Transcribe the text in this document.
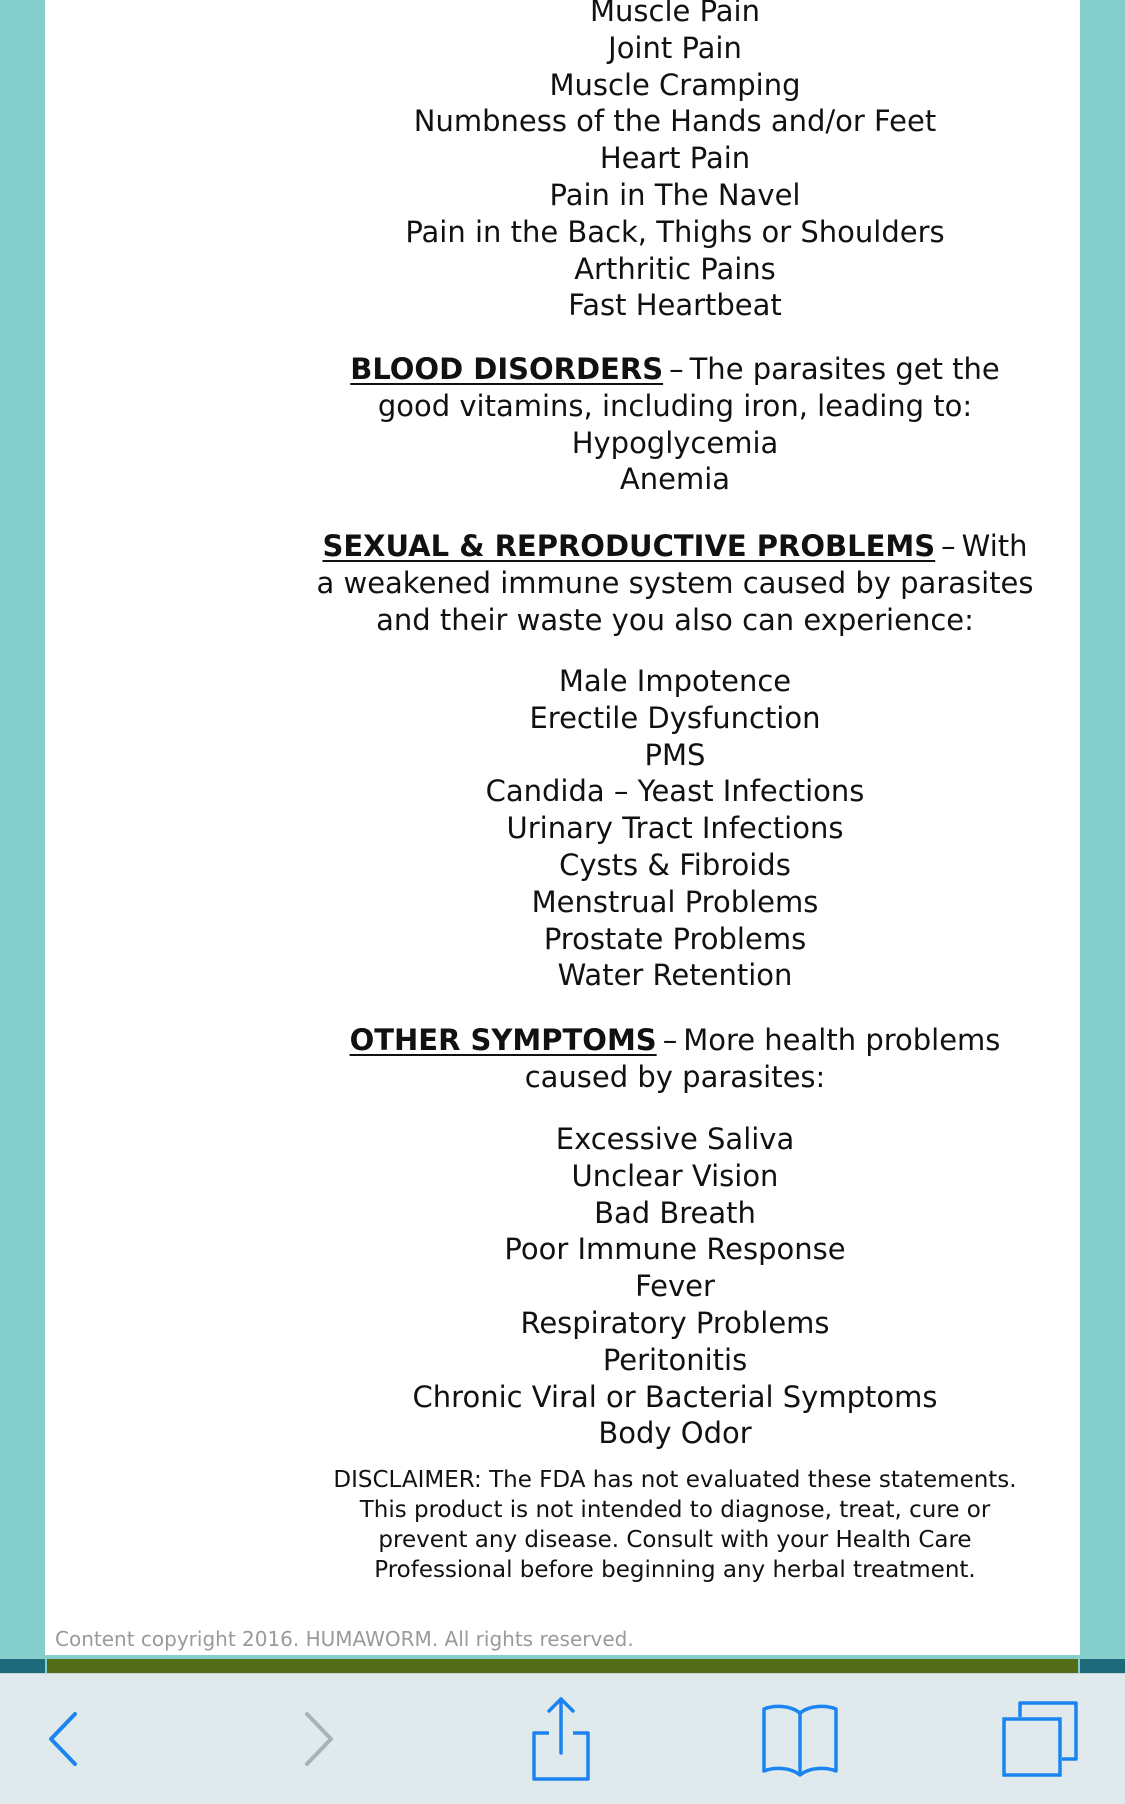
Muscle Pain
Joint Pain
Muscle Cramping
Numbness of the Hands and/or Feet
Heart Pain
Pain in The Navel
Pain in the Back, Thighs or Shoulders
Arthritic Pains
Fast Heartbeat
BLOOD DISORDERS – The parasites get the
good vitamins, including iron, leading to:
Hypoglycemia
Anemia
SEXUAL & REPRODUCTIVE PROBLEMS – With
a weakened immune system caused by parasites
and their waste you also can experience:
Male Impotence
Erectile Dysfunction
PMS
Candida – Yeast Infections
Urinary Tract Infections
Cysts & Fibroids
Menstrual Problems
Prostate Problems
Water Retention
OTHER SYMPTOMS – More health problems
caused by parasites:
Excessive Saliva
Unclear Vision
Bad Breath
Poor Immune Response
Fever
Respiratory Problems
Peritonitis
Chronic Viral or Bacterial Symptoms
Body Odor
DISCLAIMER: The FDA has not evaluated these statements.
This product is not intended to diagnose, treat, cure or
prevent any disease. Consult with your Health Care
Professional before beginning any herbal treatment.
Content copyright 2016. HUMAWORM. All rights reserved.
